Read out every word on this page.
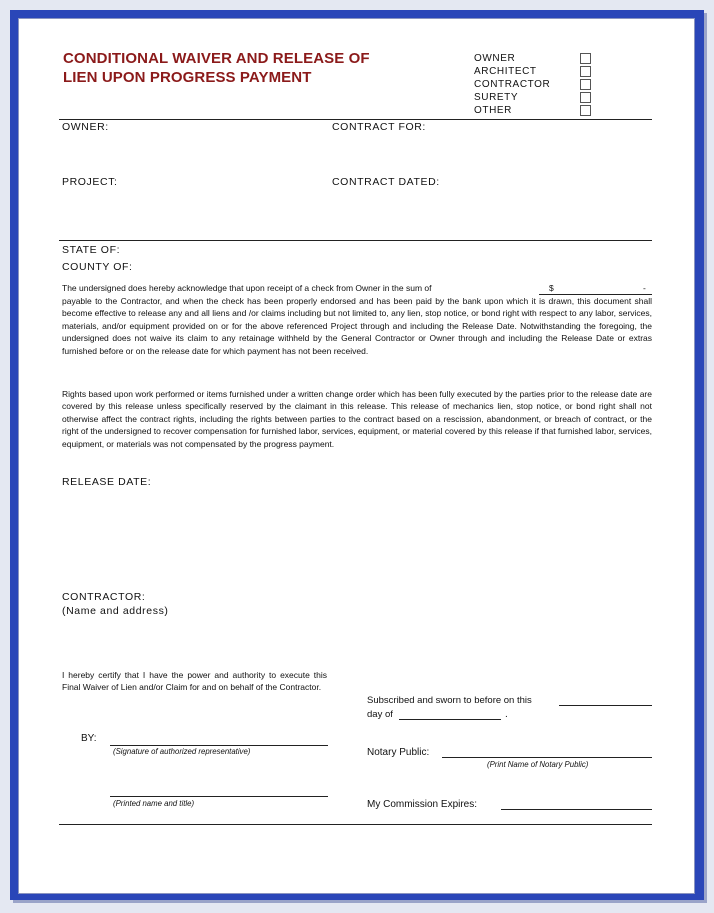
CONDITIONAL WAIVER AND RELEASE OF
LIEN UPON PROGRESS PAYMENT
OWNER
ARCHITECT
CONTRACTOR
SURETY
OTHER
OWNER:	CONTRACT FOR:
PROJECT:	CONTRACT DATED:
STATE OF:
COUNTY OF:
The undersigned does hereby acknowledge that upon receipt of a check from Owner in the sum of	$	-
payable to the Contractor, and when the check has been properly endorsed and has been paid by the bank upon which it is drawn, this document shall become effective to release any and all liens and /or claims including but not limited to, any lien, stop notice, or bond right with respect to any labor, services, materials, and/or equipment provided on or for the above referenced Project through and including the Release Date. Notwithstanding the foregoing, the undersigned does not waive its claim to any retainage withheld by the General Contractor or Owner through and including the Release Date or extras furnished before or on the release date for which payment has not been received.
Rights based upon work performed or items furnished under a written change order which has been fully executed by the parties prior to the release date are covered by this release unless specifically reserved by the claimant in this release. This release of mechanics lien, stop notice, or bond right shall not otherwise affect the contract rights, including the rights between parties to the contract based on a rescission, abandonment, or breach of contract, or the right of the undersigned to recover compensation for furnished labor, services, equipment, or material covered by this release if that furnished labor, services, equipment, or materials was not compensated by the progress payment.
RELEASE DATE:
CONTRACTOR:
(Name and address)
I hereby certify that I have the power and authority to execute this Final Waiver of Lien and/or Claim for and on behalf of the Contractor.
Subscribed and sworn to before on this
day of	.
BY:
(Signature of authorized representative)	Notary Public:
(Print Name of Notary Public)
(Printed name and title)	My Commission Expires:
